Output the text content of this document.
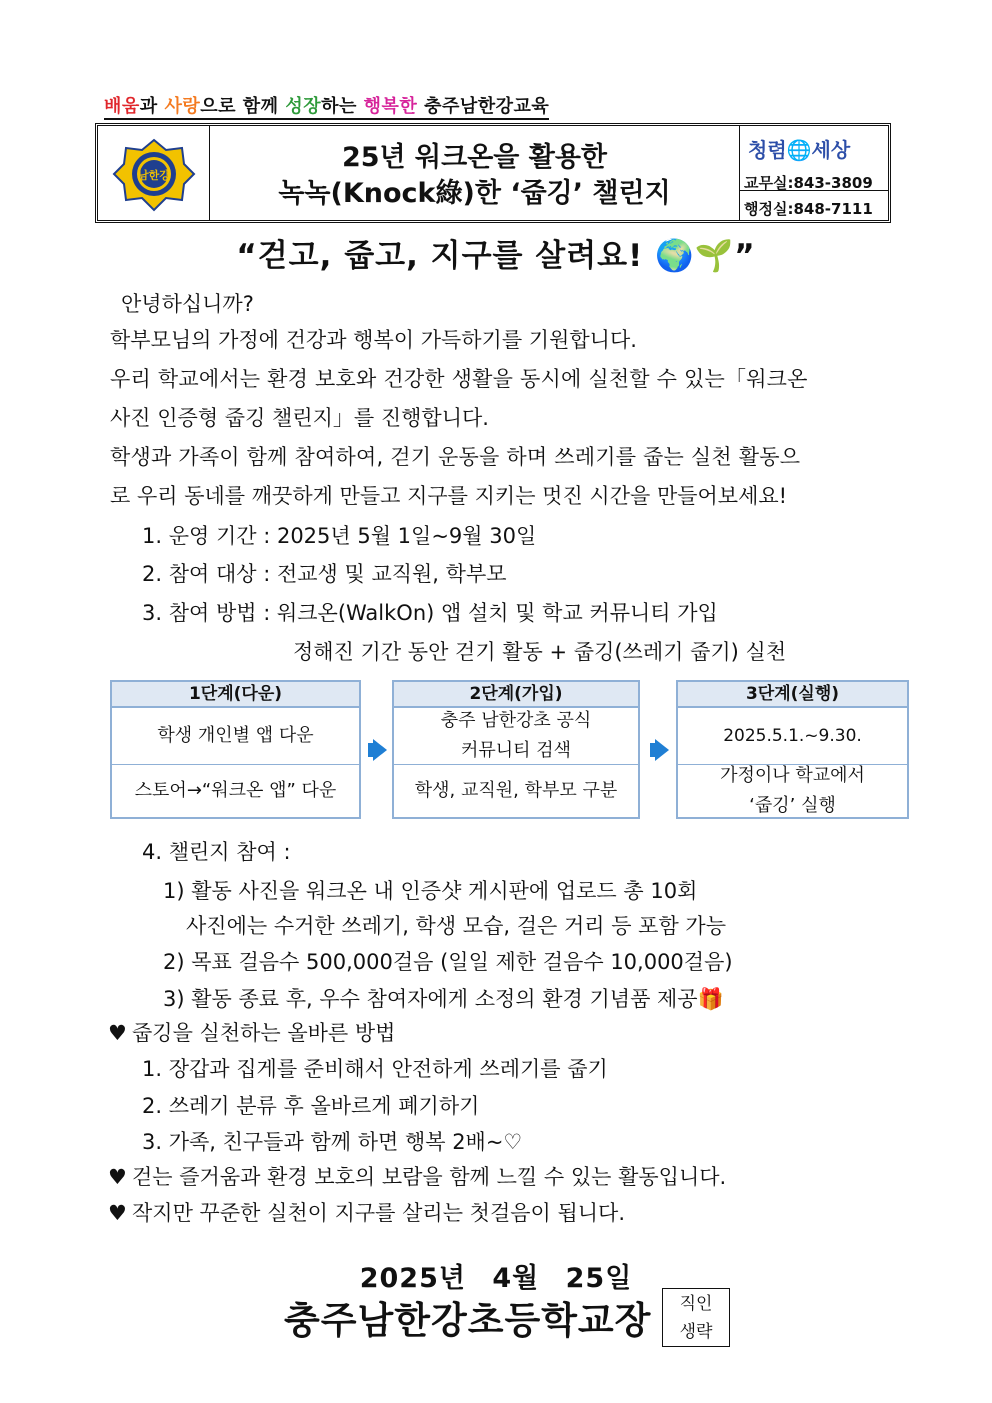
배움과 사랑으로 함께 성장하는 행복한 충주남한강교육
남한강
25년 워크온을 활용한
녹녹(Knock綠)한 ‘줍깅’ 챌린지
청렴🌐세상
교무실:843-3809
행정실:848-7111
“걷고, 줍고, 지구를 살려요! 🌍🌱”
안녕하십니까?
학부모님의 가정에 건강과 행복이 가득하기를 기원합니다.
우리 학교에서는 환경 보호와 건강한 생활을 동시에 실천할 수 있는「워크온
사진 인증형 줍깅 챌린지」를 진행합니다.
학생과 가족이 함께 참여하여, 걷기 운동을 하며 쓰레기를 줍는 실천 활동으
로 우리 동네를 깨끗하게 만들고 지구를 지키는 멋진 시간을 만들어보세요!
1. 운영 기간 : 2025년 5월 1일~9월 30일
2. 참여 대상 : 전교생 및 교직원, 학부모
3. 참여 방법 : 워크온(WalkOn) 앱 설치 및 학교 커뮤니티 가입
정해진 기간 동안 걷기 활동 + 줍깅(쓰레기 줍기) 실천
1단계(다운)
학생 개인별 앱 다운
스토어→“워크온 앱” 다운
2단계(가입)
충주 남한강초 공식 커뮤니티 검색
학생, 교직원, 학부모 구분
3단계(실행)
2025.5.1.~9.30.
가정이나 학교에서 ‘줍깅’ 실행
4. 챌린지 참여 :
1) 활동 사진을 워크온 내 인증샷 게시판에 업로드 총 10회
사진에는 수거한 쓰레기, 학생 모습, 걸은 거리 등 포함 가능
2) 목표 걸음수 500,000걸음 (일일 제한 걸음수 10,000걸음)
3) 활동 종료 후, 우수 참여자에게 소정의 환경 기념품 제공🎁
♥ 줍깅을 실천하는 올바른 방법
1. 장갑과 집게를 준비해서 안전하게 쓰레기를 줍기
2. 쓰레기 분류 후 올바르게 폐기하기
3. 가족, 친구들과 함께 하면 행복 2배~♡
♥ 걷는 즐거움과 환경 보호의 보람을 함께 느낄 수 있는 활동입니다.
♥ 작지만 꾸준한 실천이 지구를 살리는 첫걸음이 됩니다.
2025년 4월 25일
충주남한강초등학교장	직인
생략
